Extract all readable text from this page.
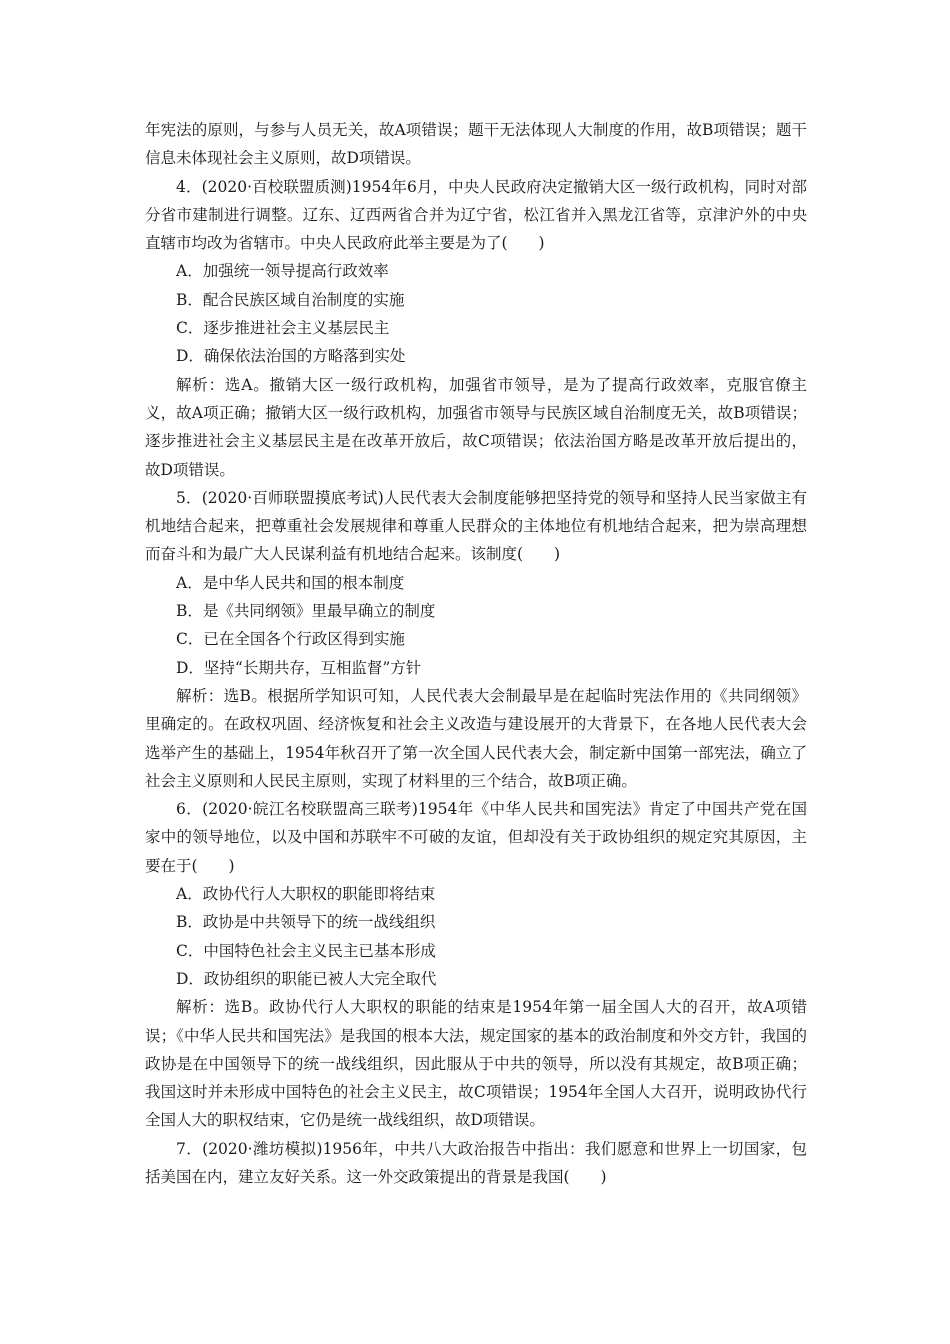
年宪法的原则，与参与人员无关，故A项错误；题干无法体现人大制度的作用，故B项错误；题干信息未体现社会主义原则，故D项错误。

4．(2020·百校联盟质测)1954年6月，中央人民政府决定撤销大区一级行政机构，同时对部分省市建制进行调整。辽东、辽西两省合并为辽宁省，松江省并入黑龙江省等，京津沪外的中央直辖市均改为省辖市。中央人民政府此举主要是为了(　　)

A．加强统一领导提高行政效率

B．配合民族区域自治制度的实施

C．逐步推进社会主义基层民主

D．确保依法治国的方略落到实处

解析：选A。撤销大区一级行政机构，加强省市领导，是为了提高行政效率，克服官僚主义，故A项正确；撤销大区一级行政机构，加强省市领导与民族区域自治制度无关，故B项错误；逐步推进社会主义基层民主是在改革开放后，故C项错误；依法治国方略是改革开放后提出的，故D项错误。

5．(2020·百师联盟摸底考试)人民代表大会制度能够把坚持党的领导和坚持人民当家做主有机地结合起来，把尊重社会发展规律和尊重人民群众的主体地位有机地结合起来，把为崇高理想而奋斗和为最广大人民谋利益有机地结合起来。该制度(　　)

A．是中华人民共和国的根本制度

B．是《共同纲领》里最早确立的制度

C．已在全国各个行政区得到实施

D．坚持“长期共存，互相监督”方针

解析：选B。根据所学知识可知，人民代表大会制最早是在起临时宪法作用的《共同纲领》里确定的。在政权巩固、经济恢复和社会主义改造与建设展开的大背景下，在各地人民代表大会选举产生的基础上，1954年秋召开了第一次全国人民代表大会，制定新中国第一部宪法，确立了社会主义原则和人民民主原则，实现了材料里的三个结合，故B项正确。

6．(2020·皖江名校联盟高三联考)1954年《中华人民共和国宪法》肯定了中国共产党在国家中的领导地位，以及中国和苏联牢不可破的友谊，但却没有关于政协组织的规定究其原因，主要在于(　　)

A．政协代行人大职权的职能即将结束

B．政协是中共领导下的统一战线组织

C．中国特色社会主义民主已基本形成

D．政协组织的职能已被人大完全取代

解析：选B。政协代行人大职权的职能的结束是1954年第一届全国人大的召开，故A项错误；《中华人民共和国宪法》是我国的根本大法，规定国家的基本的政治制度和外交方针，我国的政协是在中国领导下的统一战线组织，因此服从于中共的领导，所以没有其规定，故B项正确；我国这时并未形成中国特色的社会主义民主，故C项错误；1954年全国人大召开，说明政协代行全国人大的职权结束，它仍是统一战线组织，故D项错误。

7．(2020·潍坊模拟)1956年，中共八大政治报告中指出：我们愿意和世界上一切国家，包括美国在内，建立友好关系。这一外交政策提出的背景是我国(　　)
